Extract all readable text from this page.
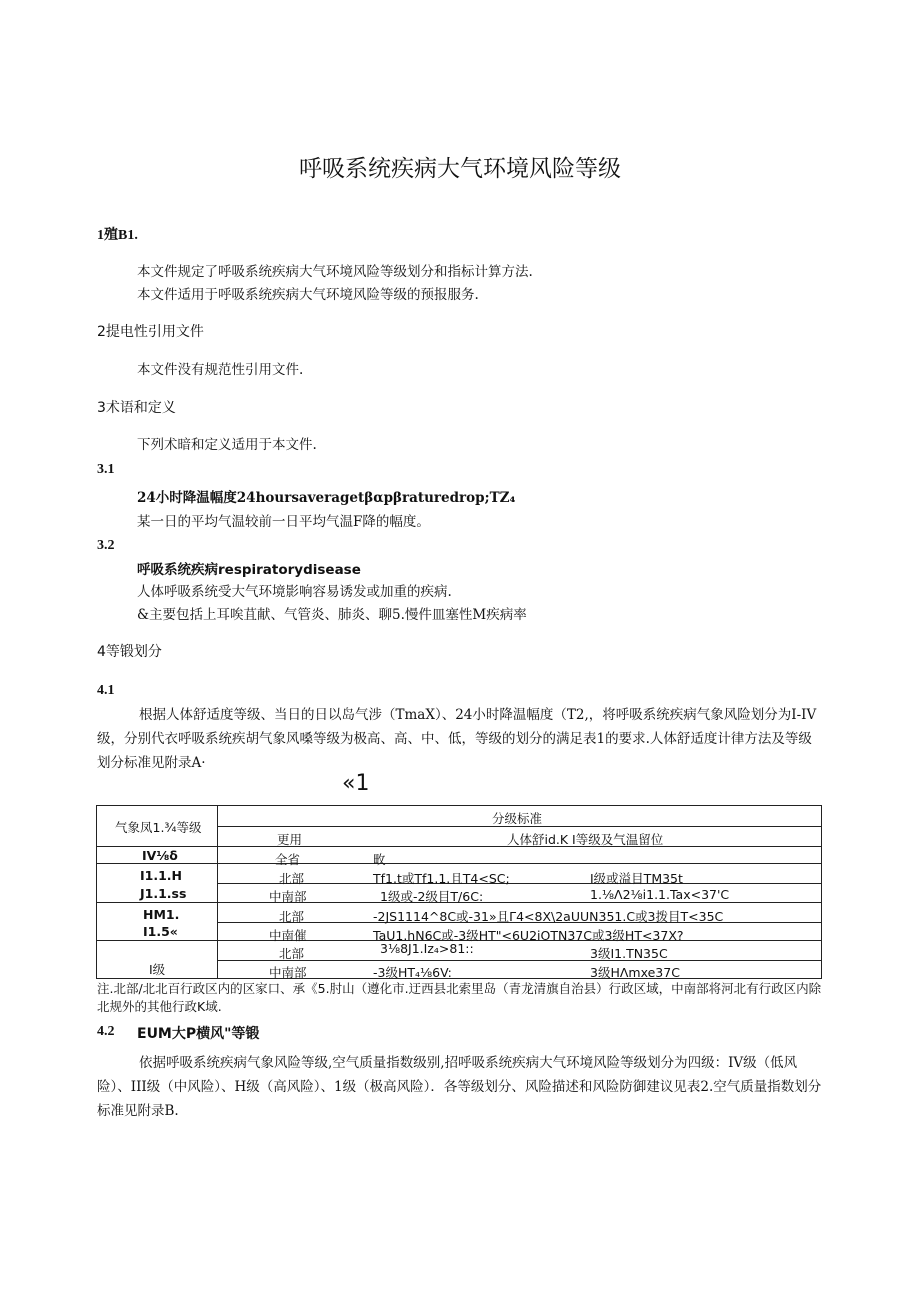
呼吸系统疾病大气环境风险等级
1殖B1.
本文件规定了呼吸系统疾病大气环境风险等级划分和指标计算方法.
本文件适用于呼吸系统疾病大气环境风险等级的预报服务.
2提电性引用文件
本文件没有规范性引用文件.
3术语和定义
下列术暗和定义适用于本文件.
3.1
24小时降温幅度24hoursaveragetβαpβraturedrop;TZ₄
某一日的平均气温较前一日平均气温F降的幅度。
3.2
呼吸系统疾病respiratorydisease
人体呼吸系统受大气环境影响容易诱发或加重的疾病.
&主要包括上耳唉苴献、气管炎、肺炎、聊5.慢件皿塞性M疾病率
4等锻划分
4.1
根据人体舒适度等级、当日的日以岛气涉（TmaX）、24小时降温幅度（T2,，将呼吸系统疾病气象风险划分为I-IV级，分别代衣呼吸系统疾胡气象风嗓等级为极高、高、中、低，等级的划分的满足表1的要求.人体舒适度计律方法及等级划分标准见附录A·
«1
气象凤1.¾等级
分级标准
更用	人体舒id.K I等级及气温留位
IV⅛δ	全省	畋
I1.1.H
J1.1.ss
北部	Tf1.t或Tf1.1.且T4<SC;	I级或溢目TM35t
中南部	1级或-2级目T/6C:	1.⅛Λ2⅛i1.1.Tax<37'C
HM1.
I1.5«
北部	-2JS1114^8C或-31»且Γ4<8X\2aUUN351.C或3拨目T<35C
中南催	TaU1.hN6C或-3级HT"<6U2iOTN37C或3级HT<37X?
I级
北部	3⅛8J1.Iz₄>81::	3级I1.TN35C
中南部	-3级HT₄⅛6V:	3级HΛmxe37C
注.北部/北北百行政区内的区家口、承《5.肘山（遵化市.迂西县北索里岛（青龙清旗自治县）行政区域，中南部将河北有行政区内除北规外的其他行政K域.
4.2 EUM大P横风"等锻
依据呼吸系统疾病气象风险等级,空气质量指数级别,招呼吸系统疾病大气环境风险等级划分为四级：IV级（低风险）、III级（中风险）、H级（高风险）、1级（极高风险）．各等级划分、风险描述和风险防御建议见表2.空气质量指数划分标准见附录B.
